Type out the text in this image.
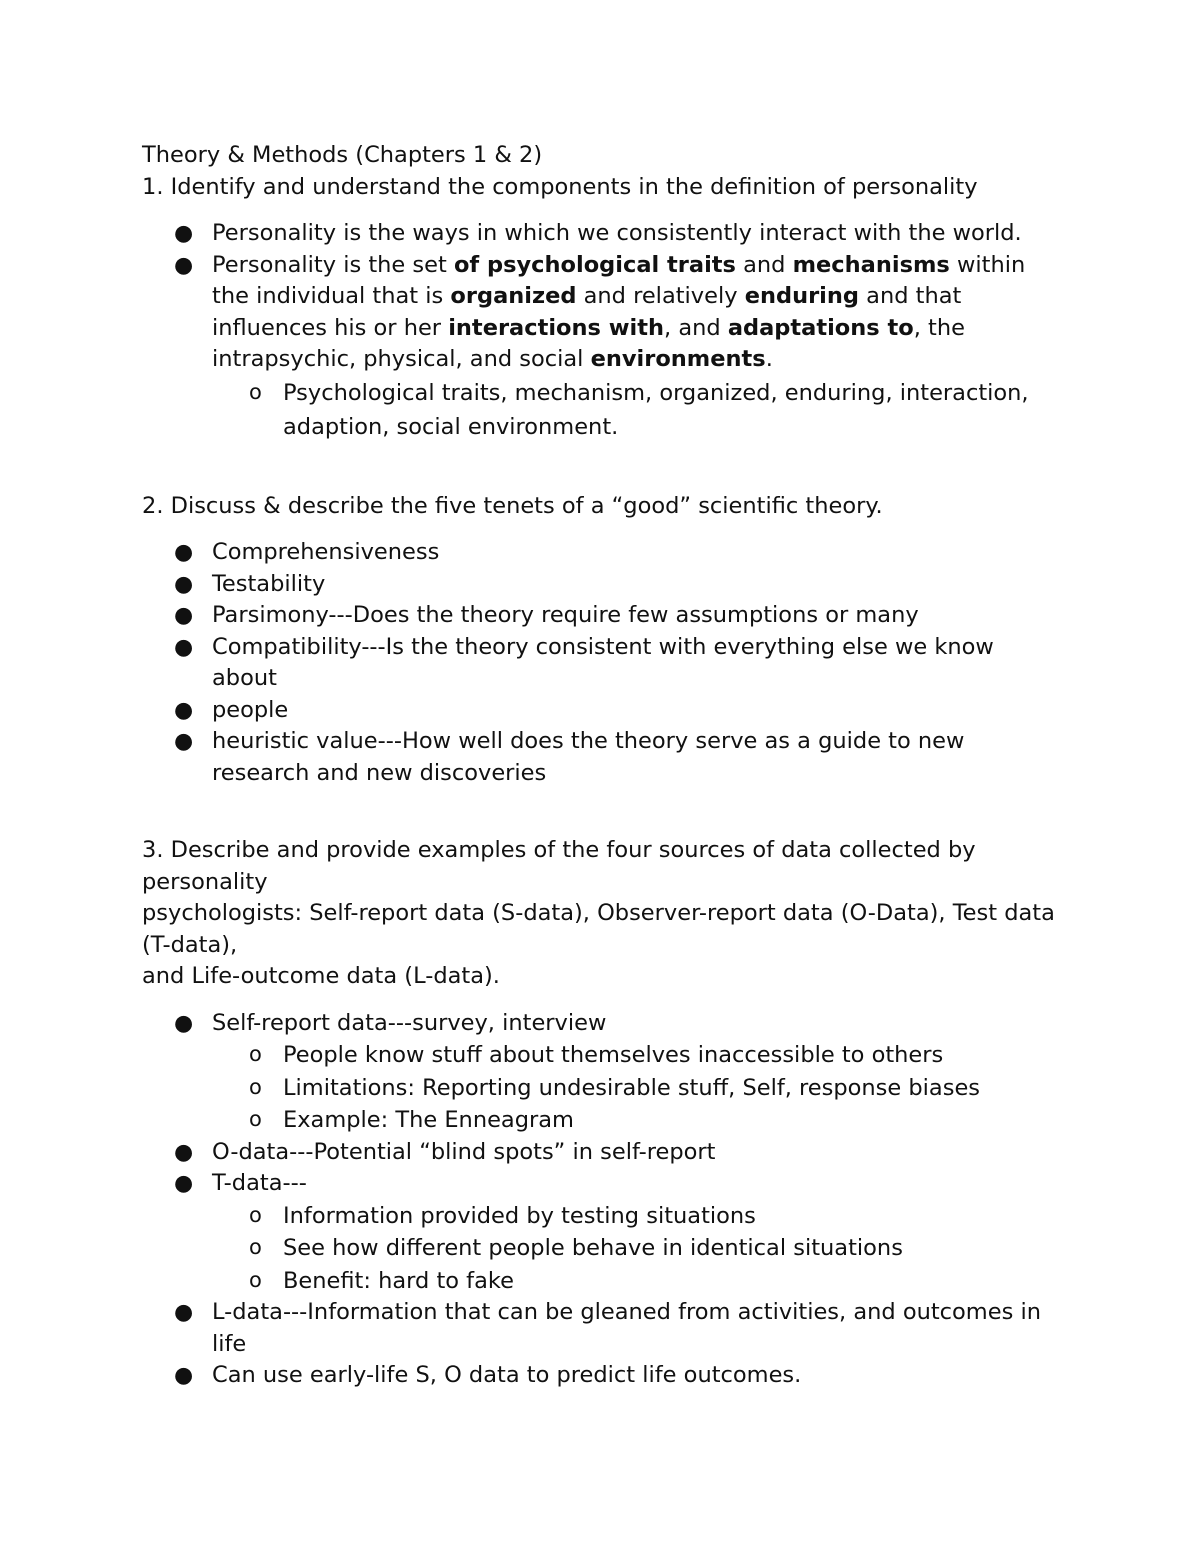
Theory & Methods (Chapters 1 & 2)

1. Identify and understand the components in the definition of personality

● Personality is the ways in which we consistently interact with the world.
● Personality is the set of psychological traits and mechanisms within the individual that is organized and relatively enduring and that influences his or her interactions with, and adaptations to, the intrapsychic, physical, and social environments.
o Psychological traits, mechanism, organized, enduring, interaction, adaption, social environment.

2. Discuss & describe the five tenets of a “good” scientific theory.

● Comprehensiveness
● Testability
● Parsimony---Does the theory require few assumptions or many
● Compatibility---Is the theory consistent with everything else we know about
● people
● heuristic value---How well does the theory serve as a guide to new research and new discoveries

3. Describe and provide examples of the four sources of data collected by personality

psychologists: Self-report data (S-data), Observer-report data (O-Data), Test data (T-data),

and Life-outcome data (L-data).

● Self-report data---survey, interview
o People know stuff about themselves inaccessible to others
o Limitations: Reporting undesirable stuff, Self, response biases
o Example: The Enneagram
● O-data---Potential “blind spots” in self-report
● T-data---
o Information provided by testing situations
o See how different people behave in identical situations
o Benefit: hard to fake
● L-data---Information that can be gleaned from activities, and outcomes in life
● Can use early-life S, O data to predict life outcomes.
